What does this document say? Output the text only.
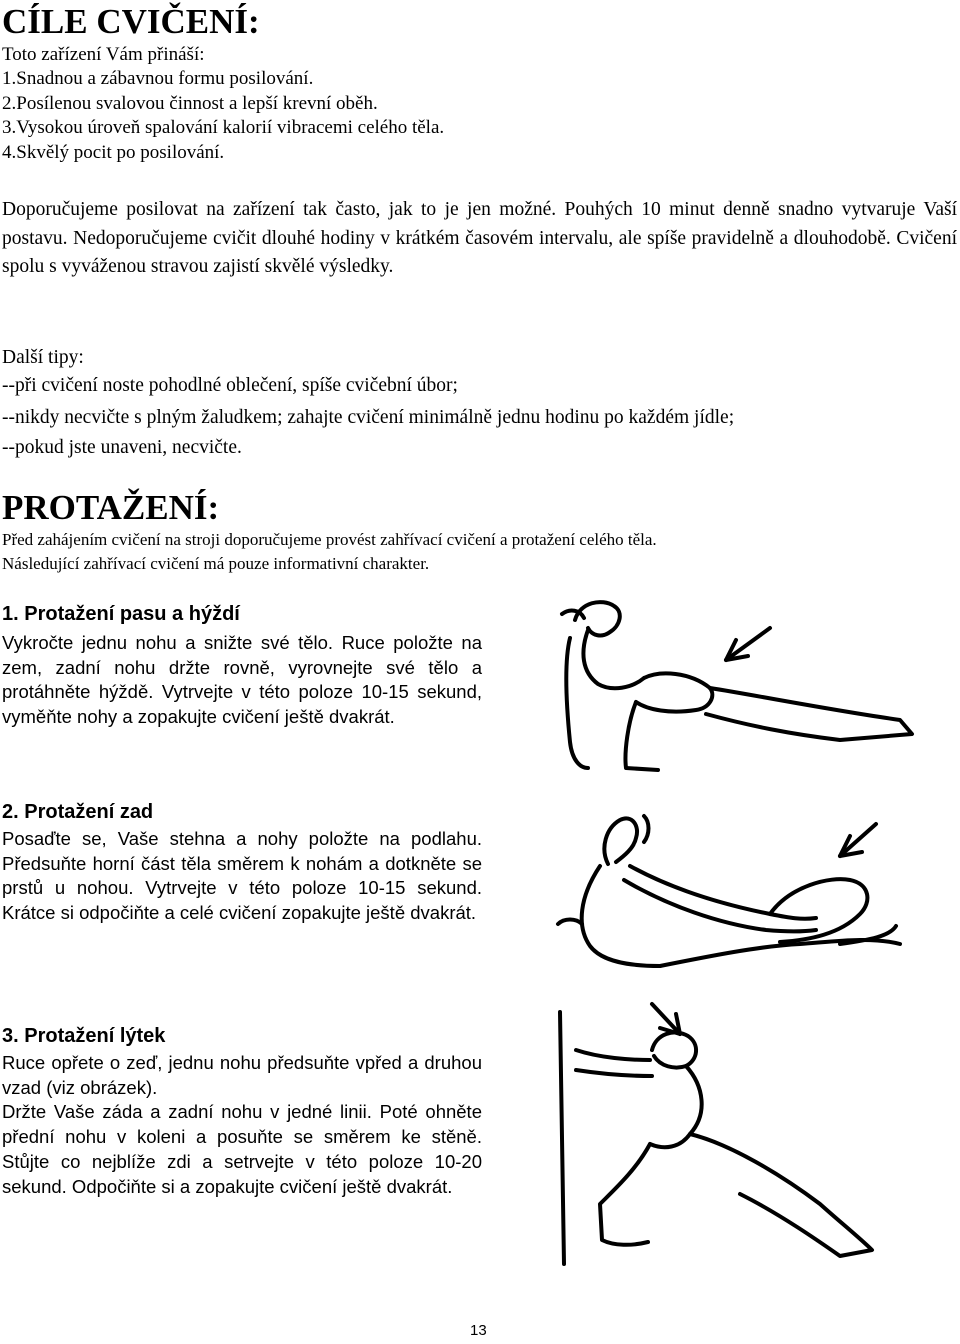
CÍLE CVIČENÍ:
Toto zařízení Vám přináší:
1.Snadnou a zábavnou formu posilování.
2.Posílenou svalovou činnost a lepší krevní oběh.
3.Vysokou úroveň spalování kalorií vibracemi celého těla.
4.Skvělý pocit po posilování.
Doporučujeme posilovat na zařízení tak často, jak to je jen možné. Pouhých 10 minut denně snadno vytvaruje Vaší postavu. Nedoporučujeme cvičit dlouhé hodiny v krátkém časovém intervalu, ale spíše pravidelně a dlouhodobě. Cvičení spolu s vyváženou stravou zajistí skvělé výsledky.
Další tipy:
--při cvičení noste pohodlné oblečení, spíše cvičební úbor;
--nikdy necvičte s plným žaludkem; zahajte cvičení minimálně jednu hodinu po každém jídle;
--pokud jste unaveni, necvičte.
PROTAŽENÍ:
Před zahájením cvičení na stroji doporučujeme provést zahřívací cvičení a protažení celého těla.
Následující zahřívací cvičení má pouze informativní charakter.
1. Protažení pasu a hýždí
Vykročte jednu nohu a snižte své tělo. Ruce položte na zem, zadní nohu držte rovně, vyrovnejte své tělo a protáhněte hýždě. Vytrvejte v této poloze 10-15 sekund, vyměňte nohy a zopakujte cvičení ještě dvakrát.
2. Protažení zad
Posaďte se, Vaše stehna a nohy položte na podlahu. Předsuňte horní část těla směrem k nohám a dotkněte se prstů u nohou. Vytrvejte v této poloze 10-15 sekund. Krátce si odpočiňte a celé cvičení zopakujte ještě dvakrát.
3. Protažení lýtek
Ruce opřete o zeď, jednu nohu předsuňte vpřed a druhou vzad (viz obrázek).
Držte Vaše záda a zadní nohu v jedné linii. Poté ohněte přední nohu v koleni a posuňte se směrem ke stěně. Stůjte co nejblíže zdi a setrvejte v této poloze 10-20 sekund. Odpočiňte si a zopakujte cvičení ještě dvakrát.
13
